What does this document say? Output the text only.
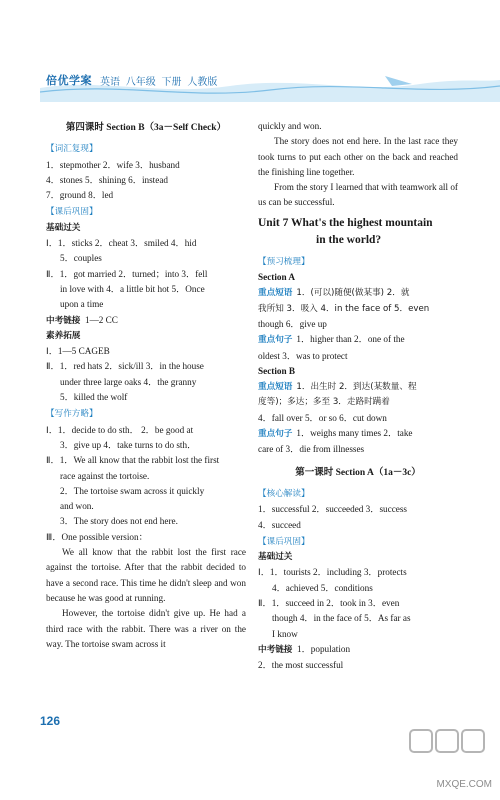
倍优学案 英语 八年级 下册 人教版
第四课时 Section B（3a－Self Check）
【词汇复现】
1．stepmother 2．wife 3．husband
4．stones 5．shining 6．instead
7．ground 8．led
【课后巩固】
基础过关
Ⅰ．1．sticks 2．cheat 3．smiled 4．hid
5．couples
Ⅱ．1．got married 2．turned；into 3．fell
in love with 4．a little bit hot 5．Once
upon a time
中考链接 1—2 CC
素养拓展
Ⅰ．1—5 CAGEB
Ⅱ．1．red hats 2．sick/ill 3．in the house
under three large oaks 4．the granny
5．killed the wolf
【写作方略】
Ⅰ．1．decide to do sth． 2．be good at
3．give up 4．take turns to do sth．
Ⅱ．1．We all know that the rabbit lost the first
race against the tortoise.
2．The tortoise swam across it quickly
and won.
3．The story does not end here.
Ⅲ．One possible version：
We all know that the rabbit lost the first race against the tortoise. After that the rabbit decided to have a second race. This time he didn't sleep and won because he was good at running.
However, the tortoise didn't give up. He had a third race with the rabbit. There was a river on the way. The tortoise swam across it
quickly and won.
The story does not end here. In the last race they took turns to put each other on the back and reached the finishing line together.
From the story I learned that with teamwork all of us can be successful.
Unit 7 What's the highest mountain
in the world?
【预习梳理】
Section A
重点短语 1．(可以)随便(做某事) 2．就
我所知 3．吸入 4．in the face of 5．even
though 6．give up
重点句子 1．higher than 2．one of the
oldest 3．was to protect
Section B
重点短语 1．出生时 2．到达(某数量、程
度等)；多达；多至 3．走路时蹒着
4．fall over 5．or so 6．cut down
重点句子 1．weighs many times 2．take
care of 3．die from illnesses
第一课时 Section A（1a－3c）
【核心解读】
1．successful 2．succeeded 3．success
4．succeed
【课后巩固】
基础过关
Ⅰ．1．tourists 2．including 3．protects
4．achieved 5．conditions
Ⅱ．1．succeed in 2．took in 3．even
though 4．in the face of 5．As far as
I know
中考链接 1．population
2．the most successful
126
MXQE.COM
